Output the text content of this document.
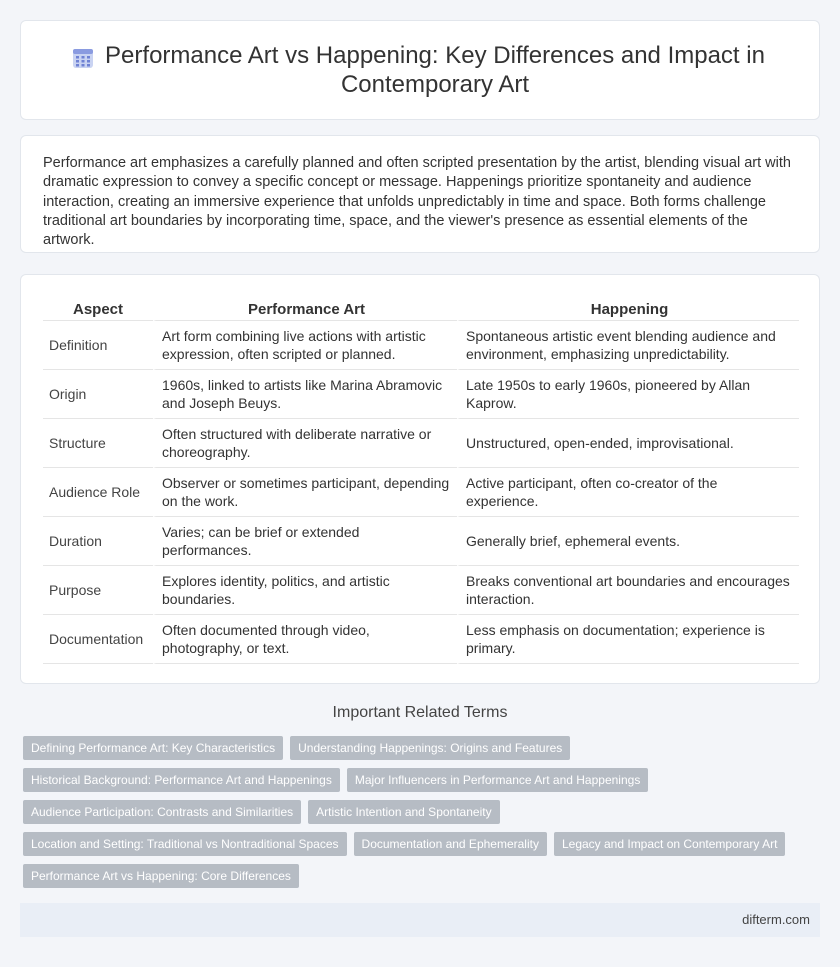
Performance Art vs Happening: Key Differences and Impact in Contemporary Art

Performance art emphasizes a carefully planned and often scripted presentation by the artist, blending visual art with dramatic expression to convey a specific concept or message. Happenings prioritize spontaneity and audience interaction, creating an immersive experience that unfolds unpredictably in time and space. Both forms challenge traditional art boundaries by incorporating time, space, and the viewer's presence as essential elements of the artwork.

Aspect	Performance Art	Happening
Definition	Art form combining live actions with artistic expression, often scripted or planned.	Spontaneous artistic event blending audience and environment, emphasizing unpredictability.
Origin	1960s, linked to artists like Marina Abramovic and Joseph Beuys.	Late 1950s to early 1960s, pioneered by Allan Kaprow.
Structure	Often structured with deliberate narrative or choreography.	Unstructured, open-ended, improvisational.
Audience Role	Observer or sometimes participant, depending on the work.	Active participant, often co-creator of the experience.
Duration	Varies; can be brief or extended performances.	Generally brief, ephemeral events.
Purpose	Explores identity, politics, and artistic boundaries.	Breaks conventional art boundaries and encourages interaction.
Documentation	Often documented through video, photography, or text.	Less emphasis on documentation; experience is primary.
Important Related Terms
Defining Performance Art: Key Characteristics	Understanding Happenings: Origins and Features
Historical Background: Performance Art and Happenings	Major Influencers in Performance Art and Happenings
Audience Participation: Contrasts and Similarities	Artistic Intention and Spontaneity
Location and Setting: Traditional vs Nontraditional Spaces	Documentation and Ephemerality	Legacy and Impact on Contemporary Art
Performance Art vs Happening: Core Differences
difterm.com
